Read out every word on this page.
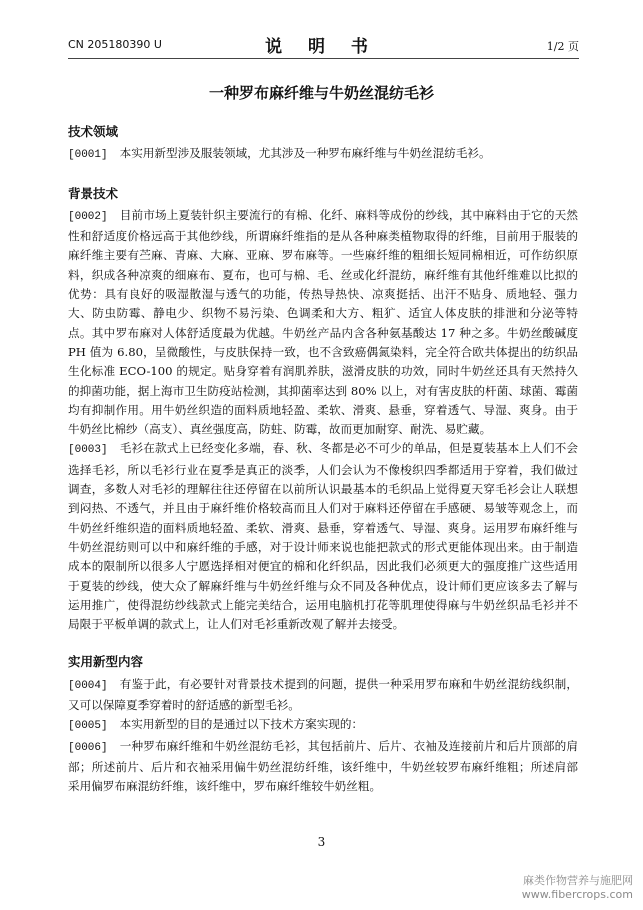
CN 205180390 U	说 明 书	1/2 页
一种罗布麻纤维与牛奶丝混纺毛衫
技术领域

[0001] 本实用新型涉及服装领域，尤其涉及一种罗布麻纤维与牛奶丝混纺毛衫。

背景技术

[0002] 目前市场上夏装针织主要流行的有棉、化纤、麻料等成份的纱线，其中麻料由于它的天然性和舒适度价格远高于其他纱线，所谓麻纤维指的是从各种麻类植物取得的纤维，目前用于服装的麻纤维主要有苎麻、青麻、大麻、亚麻、罗布麻等。一些麻纤维的粗细长短同棉相近，可作纺织原料，织成各种凉爽的细麻布、夏布，也可与棉、毛、丝或化纤混纺，麻纤维有其他纤维难以比拟的优势：具有良好的吸湿散湿与透气的功能，传热导热快、凉爽挺括、出汗不贴身、质地轻、强力大、防虫防霉、静电少、织物不易污染、色调柔和大方、粗犷、适宜人体皮肤的排泄和分泌等特点。其中罗布麻对人体舒适度最为优越。牛奶丝产品内含各种氨基酸达 17 种之多。牛奶丝酸碱度 PH 值为 6.80，呈微酸性，与皮肤保持一致，也不含致癌偶氮染料，完全符合欧共体提出的纺织品生化标准 ECO-100 的规定。贴身穿着有润肌养肤，滋滑皮肤的功效，同时牛奶丝还具有天然持久的抑菌功能，据上海市卫生防疫站检测，其抑菌率达到 80% 以上，对有害皮肤的杆菌、球菌、霉菌均有抑制作用。用牛奶丝织造的面料质地轻盈、柔软、滑爽、悬垂，穿着透气、导湿、爽身。由于牛奶丝比棉纱（高支）、真丝强度高，防蛀、防霉，故而更加耐穿、耐洗、易贮藏。

[0003] 毛衫在款式上已经变化多端，春、秋、冬都是必不可少的单品，但是夏装基本上人们不会选择毛衫，所以毛衫行业在夏季是真正的淡季，人们会认为不像梭织四季都适用于穿着，我们做过调查，多数人对毛衫的理解往往还停留在以前所认识最基本的毛织品上觉得夏天穿毛衫会让人联想到闷热、不透气，并且由于麻纤维价格较高而且人们对于麻料还停留在手感硬、易皱等观念上，而牛奶丝纤维织造的面料质地轻盈、柔软、滑爽、悬垂，穿着透气、导湿、爽身。运用罗布麻纤维与牛奶丝混纺则可以中和麻纤维的手感，对于设计师来说也能把款式的形式更能体现出来。由于制造成本的限制所以很多人宁愿选择相对便宜的棉和化纤织品，因此我们必须更大的强度推广这些适用于夏装的纱线，使大众了解麻纤维与牛奶丝纤维与众不同及各种优点，设计师们更应该多去了解与运用推广，使得混纺纱线款式上能完美结合，运用电脑机打花等肌理使得麻与牛奶丝织品毛衫并不局限于平板单调的款式上，让人们对毛衫重新改观了解并去接受。

实用新型内容

[0004] 有鉴于此，有必要针对背景技术提到的问题，提供一种采用罗布麻和牛奶丝混纺线织制，又可以保障夏季穿着时的舒适感的新型毛衫。

[0005] 本实用新型的目的是通过以下技术方案实现的：

[0006] 一种罗布麻纤维和牛奶丝混纺毛衫，其包括前片、后片、衣袖及连接前片和后片顶部的肩部；所述前片、后片和衣袖采用偏牛奶丝混纺纤维，该纤维中，牛奶丝较罗布麻纤维粗；所述肩部采用偏罗布麻混纺纤维，该纤维中，罗布麻纤维较牛奶丝粗。

3
麻类作物营养与施肥网
www.fibercrops.com
